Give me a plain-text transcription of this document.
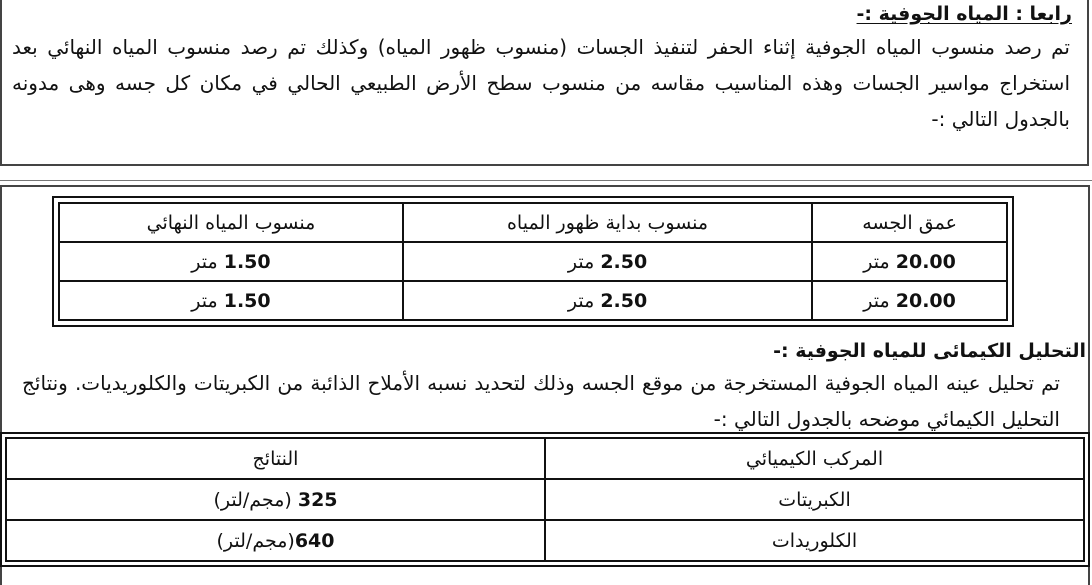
رابعا : المياه الجوفية :-
تم رصد منسوب المياه الجوفية إثناء الحفر لتنفيذ الجسات (منسوب ظهور المياه) وكذلك تم رصد منسوب المياه النهائي بعد استخراج مواسير الجسات وهذه المناسيب مقاسه من منسوب سطح الأرض الطبيعي الحالي في مكان كل جسه وهى مدونه بالجدول التالي :-
عمق الجسه	منسوب بداية ظهور المياه	منسوب المياه النهائي
20.00 متر	2.50 متر	1.50 متر
20.00 متر	2.50 متر	1.50 متر
التحليل الكيمائى للمياه الجوفية :-
تم تحليل عينه المياه الجوفية المستخرجة من موقع الجسه وذلك لتحديد نسبه الأملاح الذائبة من الكبريتات والكلوريديات. ونتائج التحليل الكيمائي موضحه بالجدول التالي :-
المركب الكيميائي	النتائج
الكبريتات	325 (مجم/لتر)
الكلوريدات	640(مجم/لتر)
